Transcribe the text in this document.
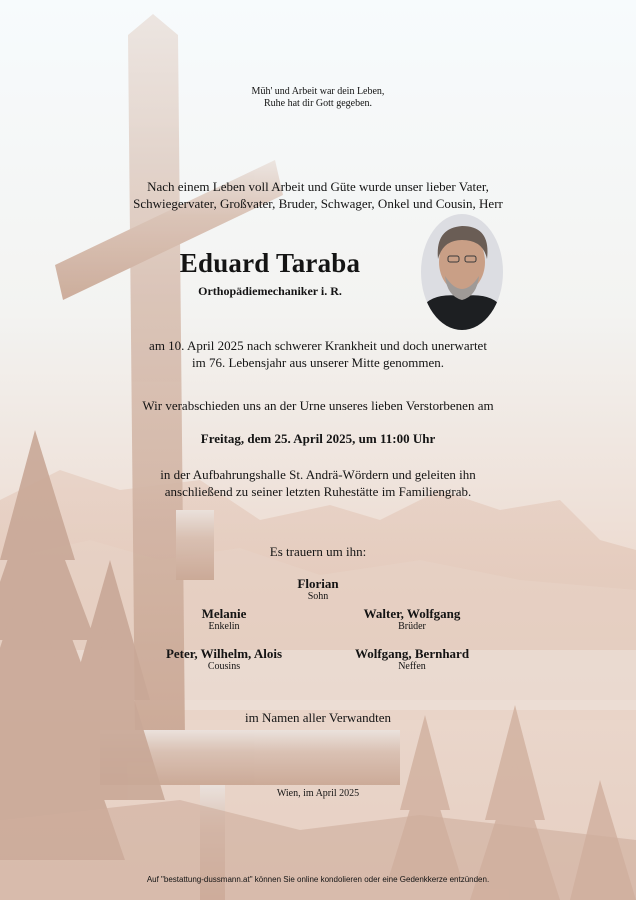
Müh' und Arbeit war dein Leben,
Ruhe hat dir Gott gegeben.
Nach einem Leben voll Arbeit und Güte wurde unser lieber Vater,
Schwiegervater, Großvater, Bruder, Schwager, Onkel und Cousin, Herr
Eduard Taraba
Orthopädiemechaniker i. R.
am 10. April 2025 nach schwerer Krankheit und doch unerwartet
im 76. Lebensjahr aus unserer Mitte genommen.
Wir verabschieden uns an der Urne unseres lieben Verstorbenen am
Freitag, dem 25. April 2025, um 11:00 Uhr
in der Aufbahrungshalle St. Andrä-Wördern und geleiten ihn
anschließend zu seiner letzten Ruhestätte im Familiengrab.
Es trauern um ihn:
Florian
Sohn
Melanie
Enkelin
Walter, Wolfgang
Brüder
Peter, Wilhelm, Alois
Cousins
Wolfgang, Bernhard
Neffen
im Namen aller Verwandten
Wien, im April 2025
Auf "bestattung-dussmann.at" können Sie online kondolieren oder eine Gedenkkerze entzünden.
